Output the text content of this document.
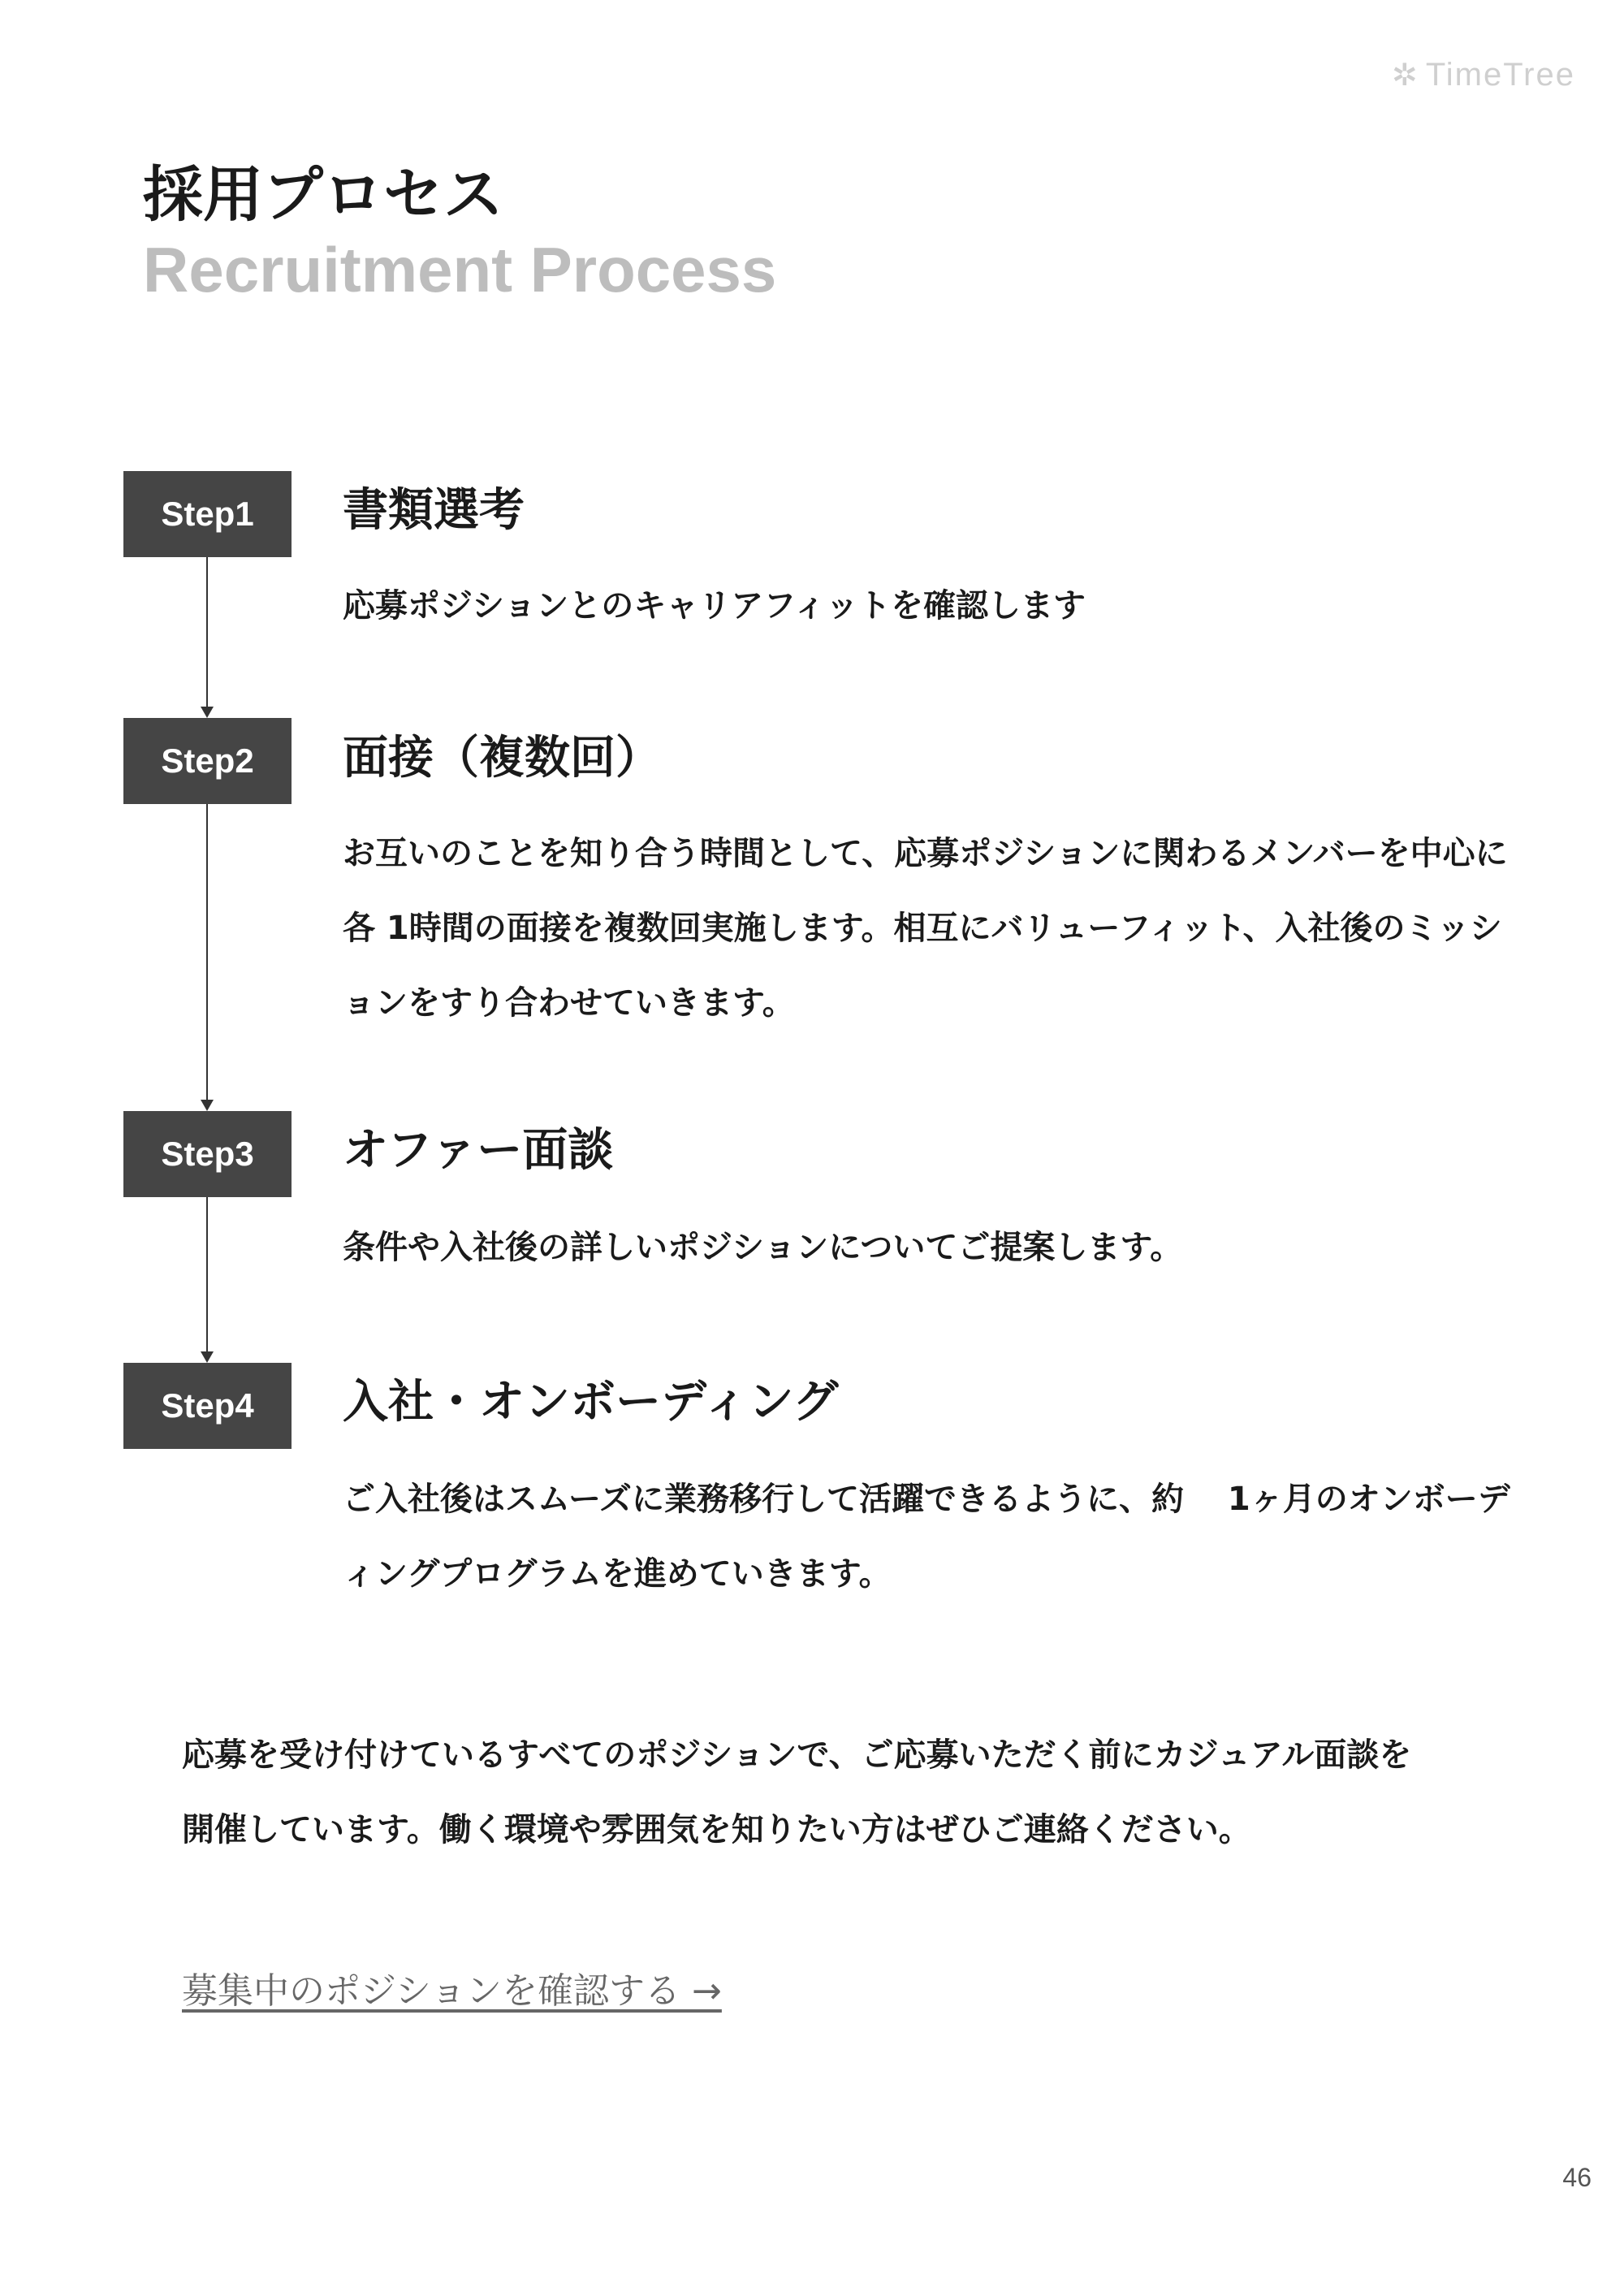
✲ TimeTree
採用プロセス
Recruitment Process
Step1	書類選考

応募ポジションとのキャリアフィットを確認します

Step2	面接（複数回）

お互いのことを知り合う時間として、応募ポジションに関わるメンバーを中心に各 1時間の面接を複数回実施します。相互にバリューフィット、入社後のミッションをすり合わせていきます。

Step3	オファー面談

条件や入社後の詳しいポジションについてご提案します。

Step4	入社・オンボーディング

ご入社後はスムーズに業務移行して活躍できるように、約　 1ヶ月のオンボーディングプログラムを進めていきます。

応募を受け付けているすべてのポジションで、ご応募いただく前にカジュアル面談を開催しています。働く環境や雰囲気を知りたい方はぜひご連絡ください。

募集中のポジションを確認する →
46
